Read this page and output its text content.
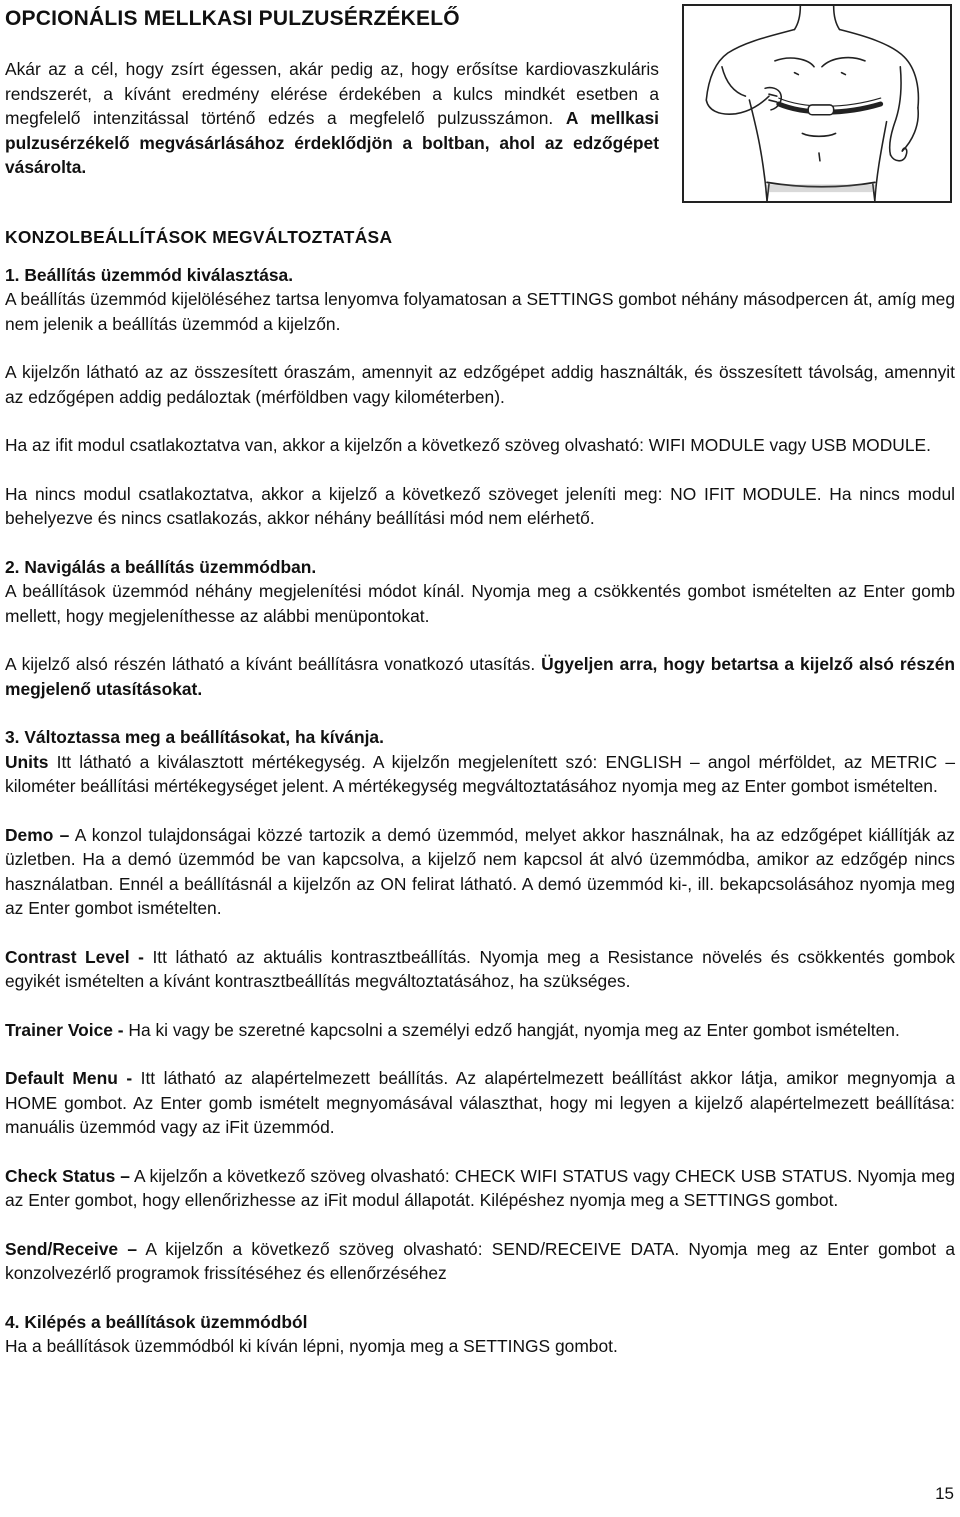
OPCIONÁLIS MELLKASI PULZUSÉRZÉKELŐ

Akár az a cél, hogy zsírt égessen, akár pedig az, hogy erősítse kardiovaszkuláris rendszerét, a kívánt eredmény elérése érdekében a kulcs mindkét esetben a megfelelő intenzitással történő edzés a megfelelő pulzusszámon. A mellkasi pulzusérzékelő megvásárlásához érdeklődjön a boltban, ahol az edzőgépet vásárolta.

KONZOLBEÁLLÍTÁSOK MEGVÁLTOZTATÁSA
1. Beállítás üzemmód kiválasztása.

A beállítás üzemmód kijelöléséhez tartsa lenyomva folyamatosan a SETTINGS gombot néhány másodpercen át, amíg meg nem jelenik a beállítás üzemmód a kijelzőn.

A kijelzőn látható az az összesített óraszám, amennyit az edzőgépet addig használták, és összesített távolság, amennyit az edzőgépen addig pedáloztak (mérföldben vagy kilométerben).

Ha az ifit modul csatlakoztatva van, akkor a kijelzőn a következő szöveg olvasható: WIFI MODULE vagy USB MODULE.

Ha nincs modul csatlakoztatva, akkor a kijelző a következő szöveget jeleníti meg: NO IFIT MODULE. Ha nincs modul behelyezve és nincs csatlakozás, akkor néhány beállítási mód nem elérhető.

2. Navigálás a beállítás üzemmódban.

A beállítások üzemmód néhány megjelenítési módot kínál. Nyomja meg a csökkentés gombot ismételten az Enter gomb mellett, hogy megjeleníthesse az alábbi menüpontokat.

A kijelző alsó részén látható a kívánt beállításra vonatkozó utasítás. Ügyeljen arra, hogy betartsa a kijelző alsó részén megjelenő utasításokat.

3. Változtassa meg a beállításokat, ha kívánja.

Units Itt látható a kiválasztott mértékegység. A kijelzőn megjelenített szó: ENGLISH – angol mérföldet, az METRIC – kilométer beállítási mértékegységet jelent. A mértékegység megváltoztatásához nyomja meg az Enter gombot ismételten.

Demo – A konzol tulajdonságai közzé tartozik a demó üzemmód, melyet akkor használnak, ha az edzőgépet kiállítják az üzletben. Ha a demó üzemmód be van kapcsolva, a kijelző nem kapcsol át alvó üzemmódba, amikor az edzőgép nincs használatban. Ennél a beállításnál a kijelzőn az ON felirat látható. A demó üzemmód ki-, ill. bekapcsolásához nyomja meg az Enter gombot ismételten.

Contrast Level - Itt látható az aktuális kontrasztbeállítás. Nyomja meg a Resistance növelés és csökkentés gombok egyikét ismételten a kívánt kontrasztbeállítás megváltoztatásához, ha szükséges.

Trainer Voice - Ha ki vagy be szeretné kapcsolni a személyi edző hangját, nyomja meg az Enter gombot ismételten.

Default Menu - Itt látható az alapértelmezett beállítás. Az alapértelmezett beállítást akkor látja, amikor megnyomja a HOME gombot. Az Enter gomb ismételt megnyomásával választhat, hogy mi legyen a kijelző alapértelmezett beállítása: manuális üzemmód vagy az iFit üzemmód.

Check Status – A kijelzőn a következő szöveg olvasható: CHECK WIFI STATUS vagy CHECK USB STATUS. Nyomja meg az Enter gombot, hogy ellenőrizhesse az iFit modul állapotát. Kilépéshez nyomja meg a SETTINGS gombot.

Send/Receive – A kijelzőn a következő szöveg olvasható: SEND/RECEIVE DATA. Nyomja meg az Enter gombot a konzolvezérlő programok frissítéséhez és ellenőrzéséhez

4. Kilépés a beállítások üzemmódból

Ha a beállítások üzemmódból ki kíván lépni, nyomja meg a SETTINGS gombot.

15
